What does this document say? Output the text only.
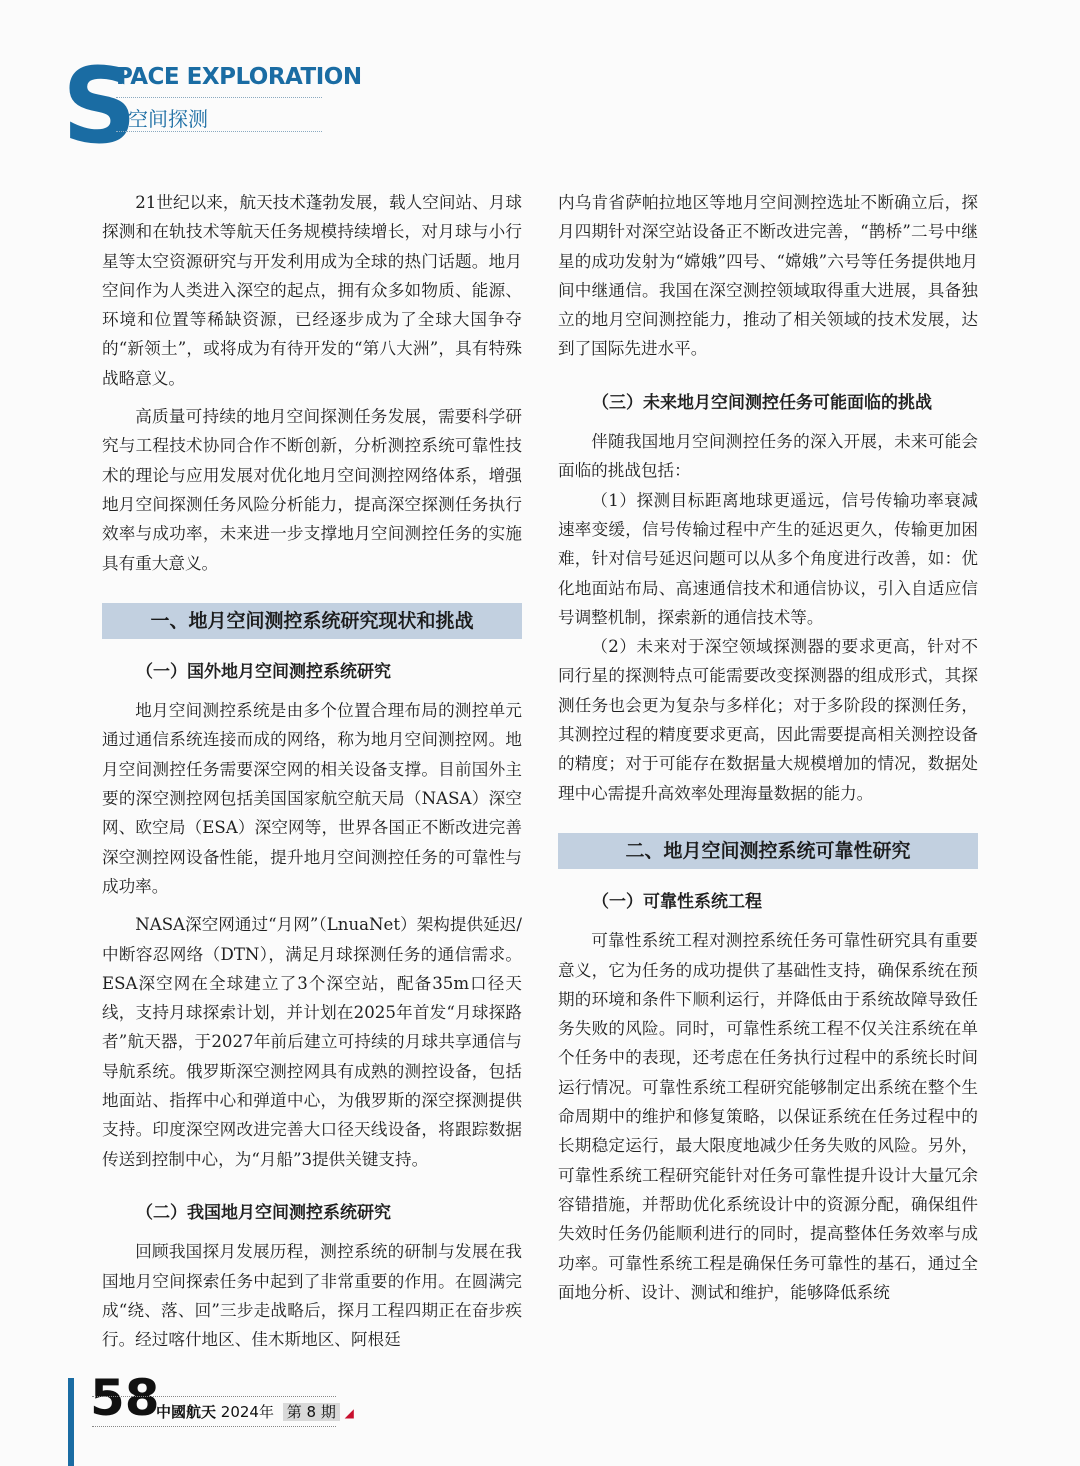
S
PACE EXPLORATION
空间探测

21世纪以来，航天技术蓬勃发展，载人空间站、月球探测和在轨技术等航天任务规模持续增长，对月球与小行星等太空资源研究与开发利用成为全球的热门话题。地月空间作为人类进入深空的起点，拥有众多如物质、能源、环境和位置等稀缺资源，已经逐步成为了全球大国争夺的“新领土”，或将成为有待开发的“第八大洲”，具有特殊战略意义。

高质量可持续的地月空间探测任务发展，需要科学研究与工程技术协同合作不断创新，分析测控系统可靠性技术的理论与应用发展对优化地月空间测控网络体系，增强地月空间探测任务风险分析能力，提高深空探测任务执行效率与成功率，未来进一步支撑地月空间测控任务的实施具有重大意义。

一、地月空间测控系统研究现状和挑战

（一）国外地月空间测控系统研究

地月空间测控系统是由多个位置合理布局的测控单元通过通信系统连接而成的网络，称为地月空间测控网。地月空间测控任务需要深空网的相关设备支撑。目前国外主要的深空测控网包括美国国家航空航天局（NASA）深空网、欧空局（ESA）深空网等，世界各国正不断改进完善深空测控网设备性能，提升地月空间测控任务的可靠性与成功率。

NASA深空网通过“月网”（LnuaNet）架构提供延迟/中断容忍网络（DTN），满足月球探测任务的通信需求。ESA深空网在全球建立了3个深空站，配备35m口径天线，支持月球探索计划，并计划在2025年首发“月球探路者”航天器，于2027年前后建立可持续的月球共享通信与导航系统。俄罗斯深空测控网具有成熟的测控设备，包括地面站、指挥中心和弹道中心，为俄罗斯的深空探测提供支持。印度深空网改进完善大口径天线设备，将跟踪数据传送到控制中心，为“月船”3提供关键支持。

（二）我国地月空间测控系统研究

回顾我国探月发展历程，测控系统的研制与发展在我国地月空间探索任务中起到了非常重要的作用。在圆满完成“绕、落、回”三步走战略后，探月工程四期正在奋步疾行。经过喀什地区、佳木斯地区、阿根廷

内乌肯省萨帕拉地区等地月空间测控选址不断确立后，探月四期针对深空站设备正不断改进完善，“鹊桥”二号中继星的成功发射为“嫦娥”四号、“嫦娥”六号等任务提供地月间中继通信。我国在深空测控领域取得重大进展，具备独立的地月空间测控能力，推动了相关领域的技术发展，达到了国际先进水平。

（三）未来地月空间测控任务可能面临的挑战

伴随我国地月空间测控任务的深入开展，未来可能会面临的挑战包括：

（1）探测目标距离地球更遥远，信号传输功率衰减速率变缓，信号传输过程中产生的延迟更久，传输更加困难，针对信号延迟问题可以从多个角度进行改善，如：优化地面站布局、高速通信技术和通信协议，引入自适应信号调整机制，探索新的通信技术等。

（2）未来对于深空领域探测器的要求更高，针对不同行星的探测特点可能需要改变探测器的组成形式，其探测任务也会更为复杂与多样化；对于多阶段的探测任务，其测控过程的精度要求更高，因此需要提高相关测控设备的精度；对于可能存在数据量大规模增加的情况，数据处理中心需提升高效率处理海量数据的能力。

二、地月空间测控系统可靠性研究

（一）可靠性系统工程

可靠性系统工程对测控系统任务可靠性研究具有重要意义，它为任务的成功提供了基础性支持，确保系统在预期的环境和条件下顺利运行，并降低由于系统故障导致任务失败的风险。同时，可靠性系统工程不仅关注系统在单个任务中的表现，还考虑在任务执行过程中的系统长时间运行情况。可靠性系统工程研究能够制定出系统在整个生命周期中的维护和修复策略，以保证系统在任务过程中的长期稳定运行，最大限度地减少任务失败的风险。另外，可靠性系统工程研究能针对任务可靠性提升设计大量冗余容错措施，并帮助优化系统设计中的资源分配，确保组件失效时任务仍能顺利进行的同时，提高整体任务效率与成功率。可靠性系统工程是确保任务可靠性的基石，通过全面地分析、设计、测试和维护，能够降低系统

58
中國航天 2024年 第 8 期 ◢
